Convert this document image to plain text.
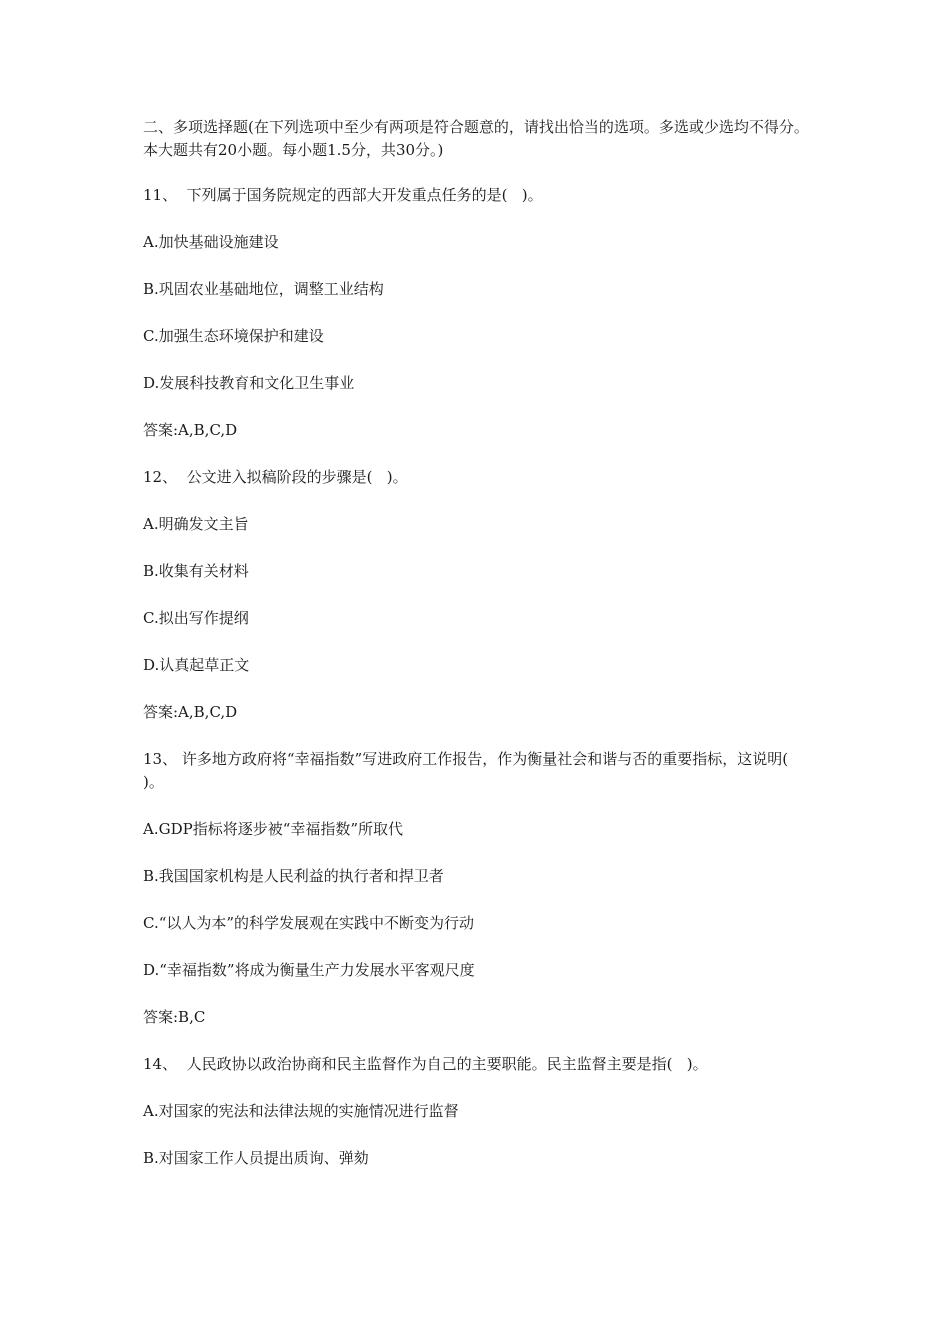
二、多项选择题(在下列选项中至少有两项是符合题意的，请找出恰当的选项。多选或少选均不得分。本大题共有20小题。每小题1.5分，共30分。)

11、  下列属于国务院规定的西部大开发重点任务的是(   )。

A.加快基础设施建设

B.巩固农业基础地位，调整工业结构

C.加强生态环境保护和建设

D.发展科技教育和文化卫生事业

答案:A,B,C,D

12、  公文进入拟稿阶段的步骤是(   )。

A.明确发文主旨

B.收集有关材料

C.拟出写作提纲

D.认真起草正文

答案:A,B,C,D

13、 许多地方政府将“幸福指数”写进政府工作报告，作为衡量社会和谐与否的重要指标，这说明(   )。

A.GDP指标将逐步被“幸福指数”所取代

B.我国国家机构是人民利益的执行者和捍卫者

C.“以人为本”的科学发展观在实践中不断变为行动

D.“幸福指数”将成为衡量生产力发展水平客观尺度

答案:B,C

14、  人民政协以政治协商和民主监督作为自己的主要职能。民主监督主要是指(   )。

A.对国家的宪法和法律法规的实施情况进行监督

B.对国家工作人员提出质询、弹劾
